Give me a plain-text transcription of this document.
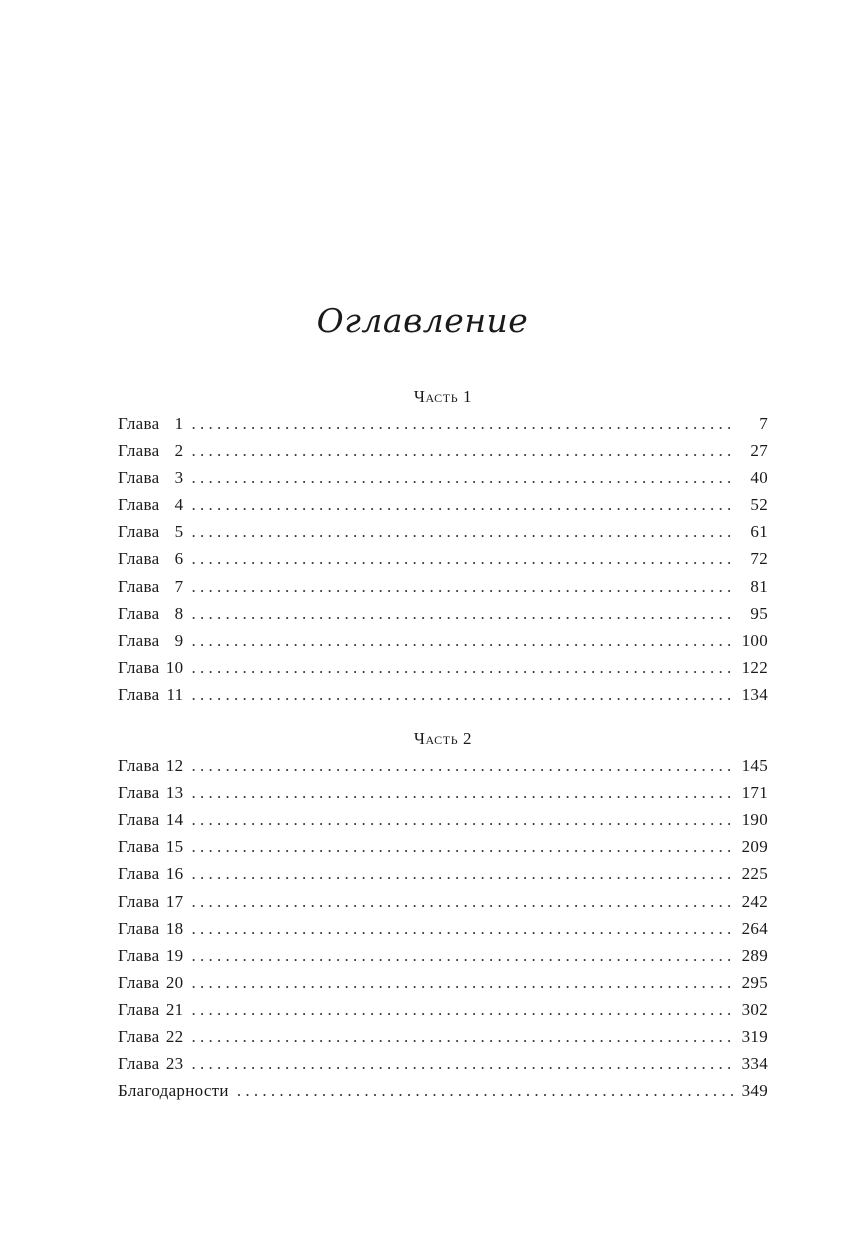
Оглавление
Часть 1
Глава 1 . . .	7
Глава 2 . . .	27
Глава 3 . . .	40
Глава 4 . . .	52
Глава 5 . . .	61
Глава 6 . . .	72
Глава 7 . . .	81
Глава 8 . . .	95
Глава 9 . . .	100
Глава 10 . . .	122
Глава 11 . . .	134
Часть 2
Глава 12 . . .	145
Глава 13 . . .	171
Глава 14 . . .	190
Глава 15 . . .	209
Глава 16 . . .	225
Глава 17 . . .	242
Глава 18 . . .	264
Глава 19 . . .	289
Глава 20 . . .	295
Глава 21 . . .	302
Глава 22 . . .	319
Глава 23 . . .	334
Благодарности . . .	349
